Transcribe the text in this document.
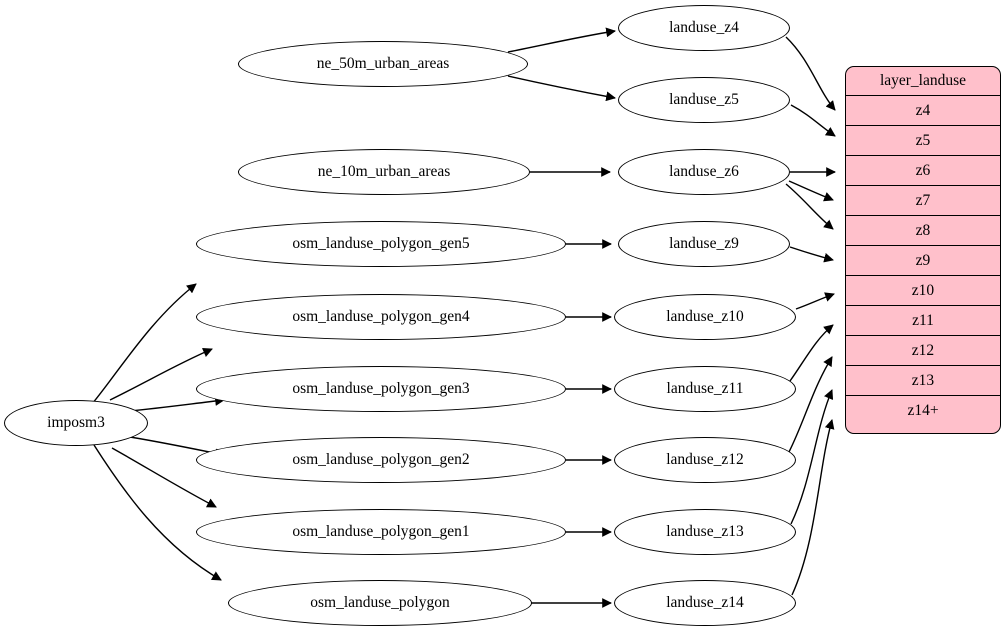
imposm3
ne_50m_urban_areas
ne_10m_urban_areas
osm_landuse_polygon_gen5
osm_landuse_polygon_gen4
osm_landuse_polygon_gen3
osm_landuse_polygon_gen2
osm_landuse_polygon_gen1
osm_landuse_polygon
landuse_z4
landuse_z5
landuse_z6
landuse_z9
landuse_z10
landuse_z11
landuse_z12
landuse_z13
landuse_z14
layer_landuse
z4
z5
z6
z7
z8
z9
z10
z11
z12
z13
z14+
